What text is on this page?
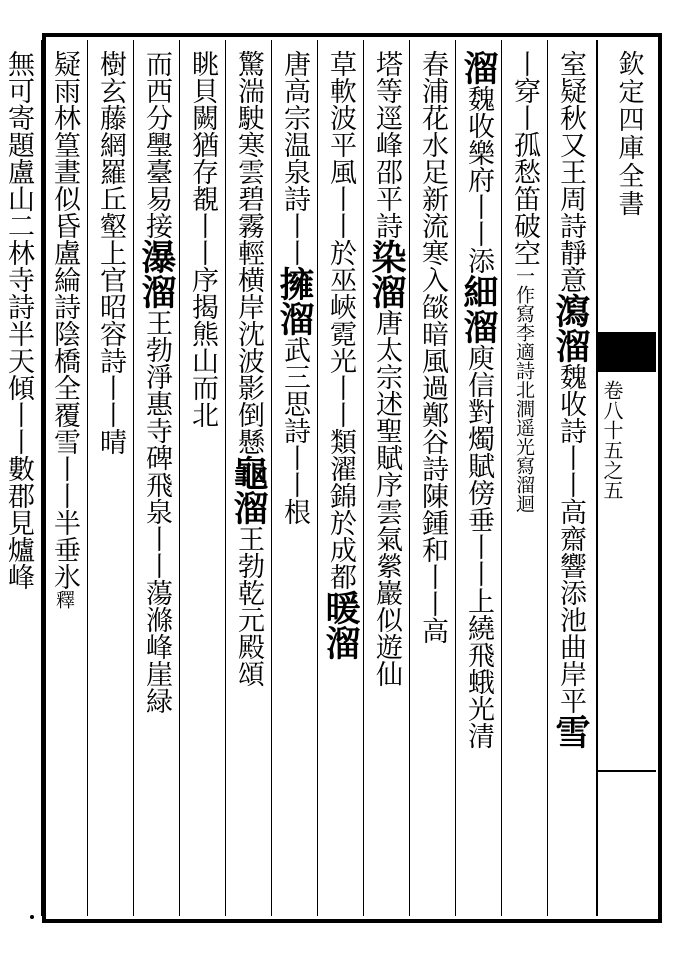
欽定四庫全書
卷八十五之五
室疑秋又王周詩靜意瀉溜魏收詩丨丨高齋響添池曲岸平雪
丨穿丨孤愁笛破空一作寫李適詩北澗遥光寫溜迴
溜魏收樂府丨丨添細溜庾信對燭賦傍垂丨丨上繞飛蛾光清
春浦花水足新流寒入燄暗風過鄭谷詩陳鍾和丨丨高
塔等逕峰邵平詩染溜唐太宗述聖賦序雲氣縈巖似遊仙
草軟波平風丨丨於巫峽霓光丨丨類濯錦於成都暖溜
唐高宗温泉詩丨丨擁溜武三思詩丨丨根
驚湍駛寒雲碧霧輕横岸沈波影倒懸龜溜王勃乾元殿頌
眺貝闕猶存覩丨丨序揭熊山而北
而西分璺臺易接瀑溜王勃淨惠寺碑飛泉丨丨蕩滌峰崖緑
樹玄藤網羅丘壑上官昭容詩丨丨晴
疑雨林篁晝似昏盧綸詩陰橋全覆雪丨丨半垂氷釋
無可寄題盧山二林寺詩半天傾丨丨數郡見爐峰
